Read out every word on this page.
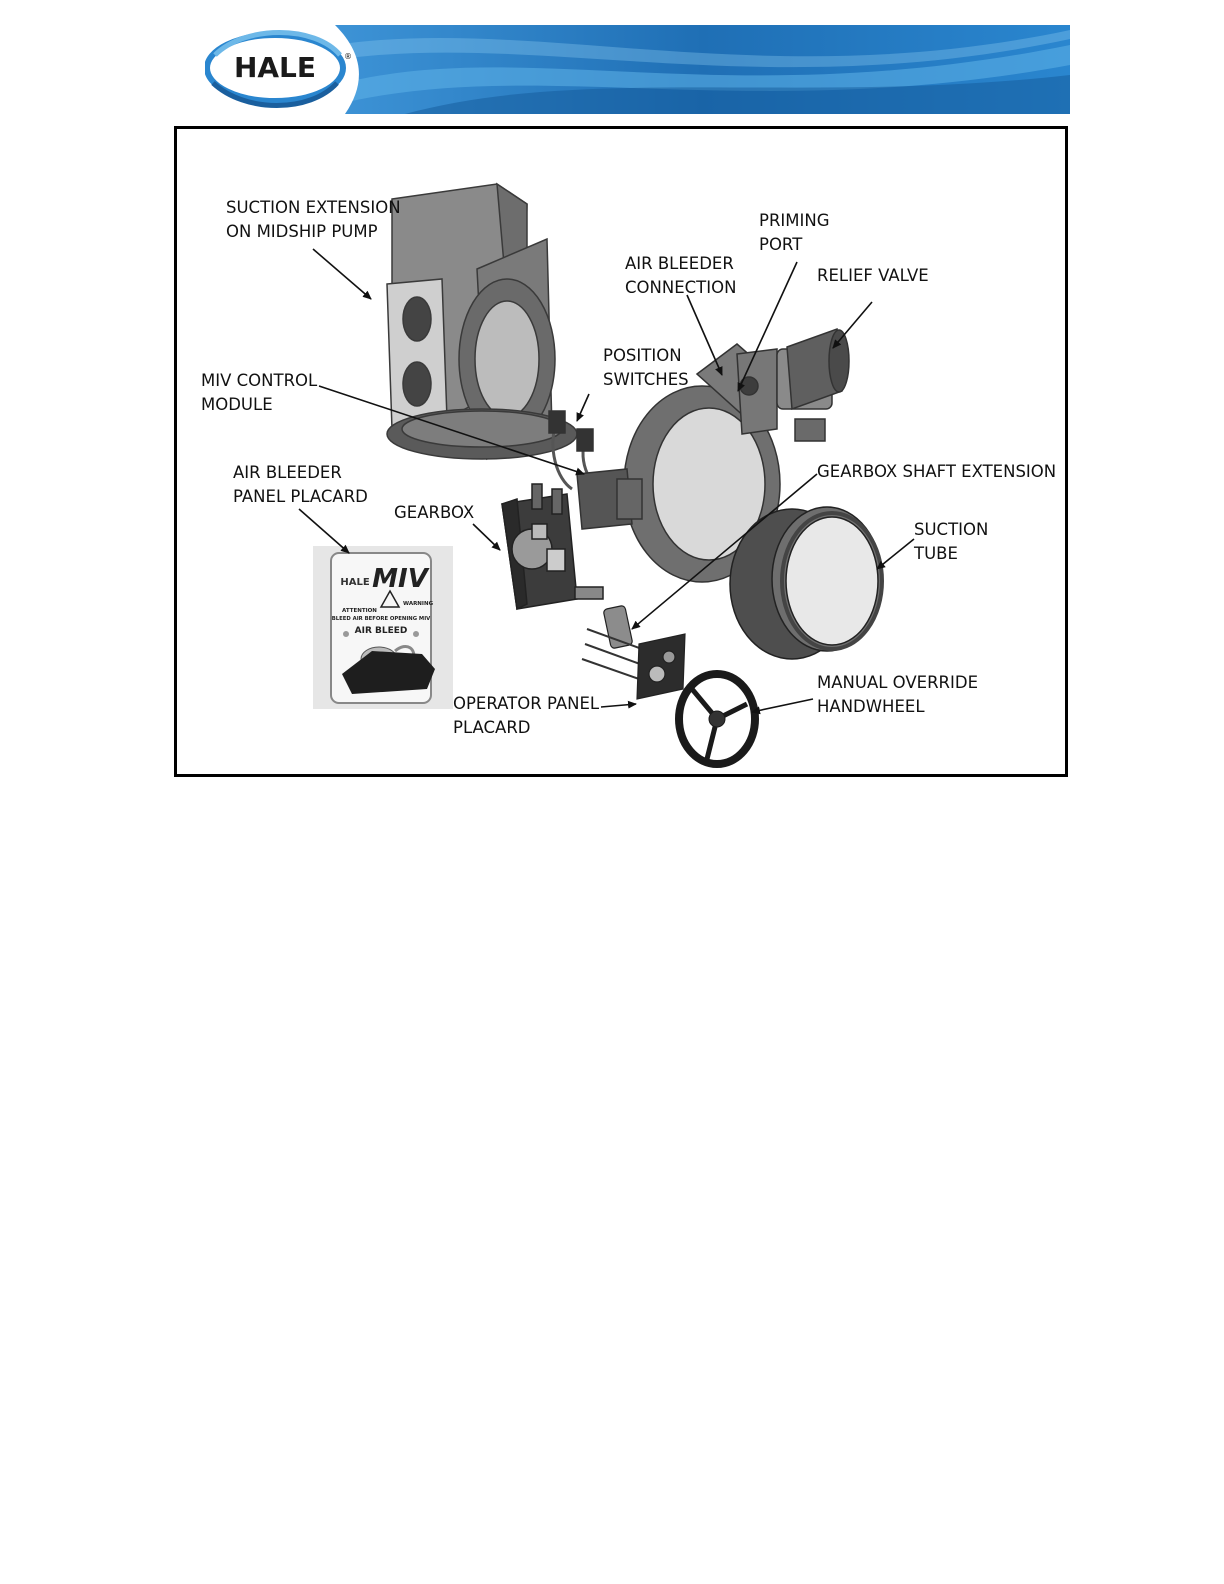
HALE	®
HALE MIV
ATTENTION
WARNING
BLEED AIR BEFORE OPENING MIV
AIR BLEED
SUCTION EXTENSION
ON MIDSHIP PUMP
PRIMING
PORT
AIR BLEEDER
CONNECTION
RELIEF VALVE
POSITION
SWITCHES
MIV CONTROL
MODULE
AIR BLEEDER
PANEL PLACARD
GEARBOX
GEARBOX SHAFT EXTENSION
SUCTION
TUBE
OPERATOR PANEL
PLACARD
MANUAL OVERRIDE
HANDWHEEL
